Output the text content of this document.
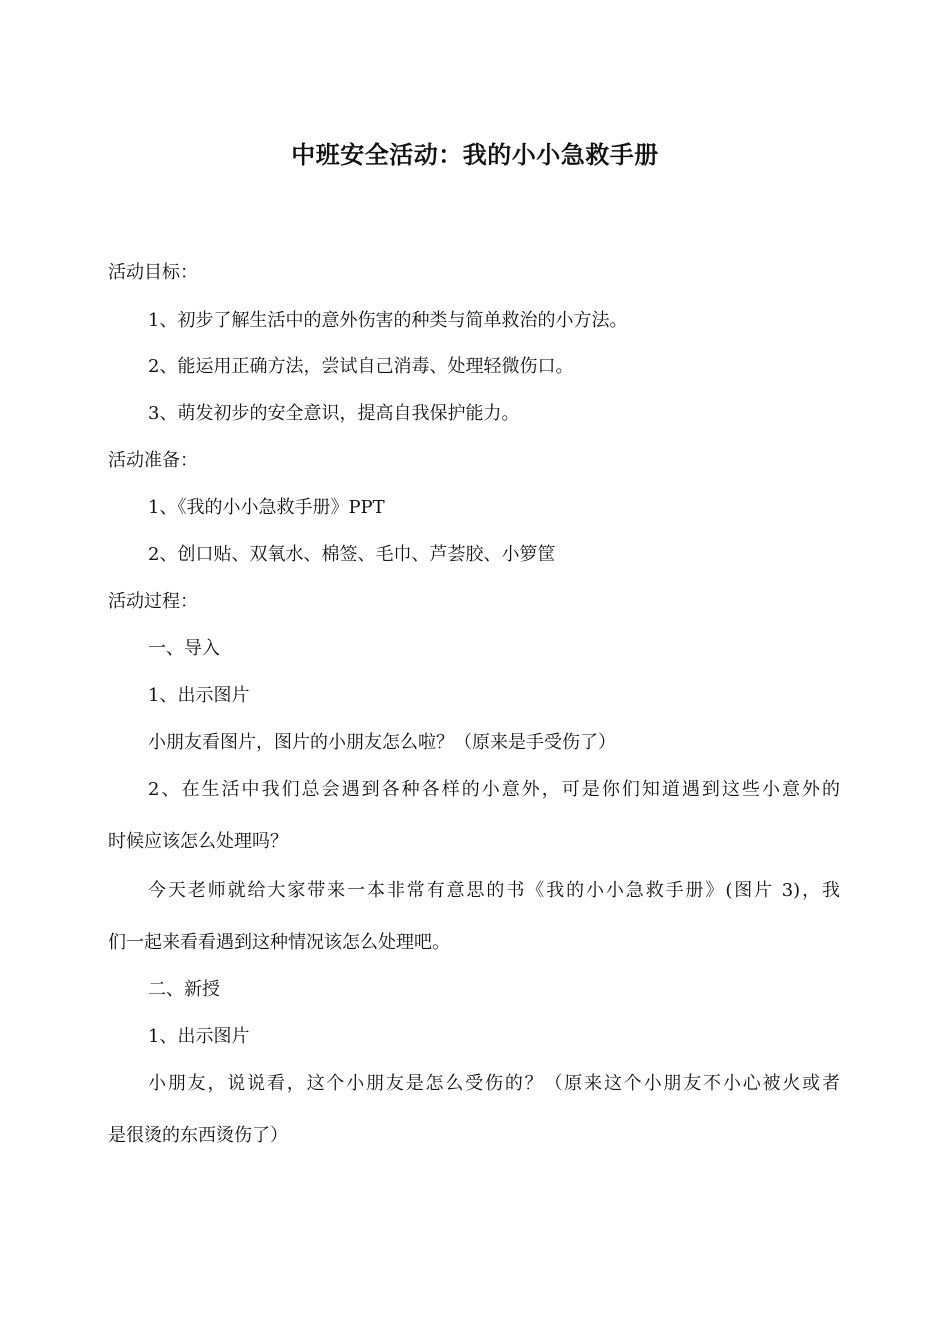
中班安全活动：我的小小急救手册
活动目标：
1、初步了解生活中的意外伤害的种类与简单救治的小方法。
2、能运用正确方法，尝试自己消毒、处理轻微伤口。
3、萌发初步的安全意识，提高自我保护能力。
活动准备：
1、《我的小小急救手册》PPT
2、创口贴、双氧水、棉签、毛巾、芦荟胶、小箩筐
活动过程：
一、导入
1、出示图片
小朋友看图片，图片的小朋友怎么啦？（原来是手受伤了）
2、在生活中我们总会遇到各种各样的小意外，可是你们知道遇到这些小意外的
时候应该怎么处理吗？
今天老师就给大家带来一本非常有意思的书《我的小小急救手册》(图片 3)，我
们一起来看看遇到这种情况该怎么处理吧。
二、新授
1、出示图片
小朋友，说说看，这个小朋友是怎么受伤的？（原来这个小朋友不小心被火或者
是很烫的东西烫伤了）
